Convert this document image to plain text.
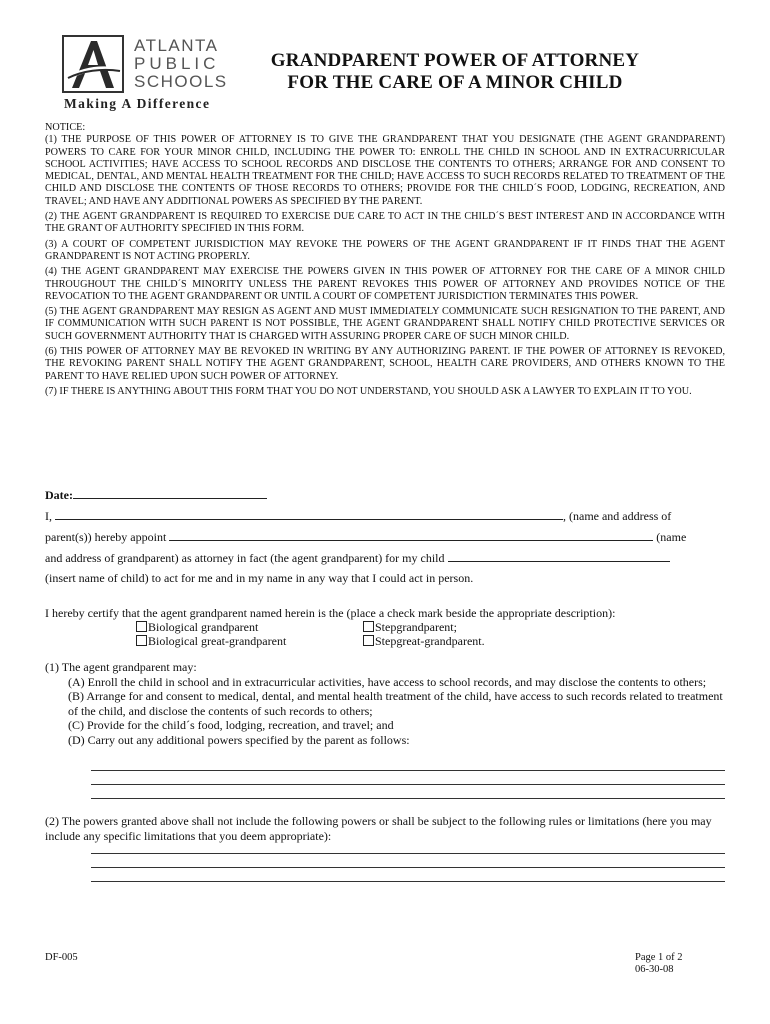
ATLANTA
PUBLIC
SCHOOLS
Making A Difference
GRANDPARENT POWER OF ATTORNEY
FOR THE CARE OF A MINOR CHILD

NOTICE:

(1) THE PURPOSE OF THIS POWER OF ATTORNEY IS TO GIVE THE GRANDPARENT THAT YOU DESIGNATE (THE AGENT GRANDPARENT) POWERS TO CARE FOR YOUR MINOR CHILD, INCLUDING THE POWER TO: ENROLL THE CHILD IN SCHOOL AND IN EXTRACURRICULAR SCHOOL ACTIVITIES; HAVE ACCESS TO SCHOOL RECORDS AND DISCLOSE THE CONTENTS TO OTHERS; ARRANGE FOR AND CONSENT TO MEDICAL, DENTAL, AND MENTAL HEALTH TREATMENT FOR THE CHILD; HAVE ACCESS TO SUCH RECORDS RELATED TO TREATMENT OF THE CHILD AND DISCLOSE THE CONTENTS OF THOSE RECORDS TO OTHERS; PROVIDE FOR THE CHILD´S FOOD, LODGING, RECREATION, AND TRAVEL; AND HAVE ANY ADDITIONAL POWERS AS SPECIFIED BY THE PARENT.

(2) THE AGENT GRANDPARENT IS REQUIRED TO EXERCISE DUE CARE TO ACT IN THE CHILD´S BEST INTEREST AND IN ACCORDANCE WITH THE GRANT OF AUTHORITY SPECIFIED IN THIS FORM.

(3) A COURT OF COMPETENT JURISDICTION MAY REVOKE THE POWERS OF THE AGENT GRANDPARENT IF IT FINDS THAT THE AGENT GRANDPARENT IS NOT ACTING PROPERLY.

(4) THE AGENT GRANDPARENT MAY EXERCISE THE POWERS GIVEN IN THIS POWER OF ATTORNEY FOR THE CARE OF A MINOR CHILD THROUGHOUT THE CHILD´S MINORITY UNLESS THE PARENT REVOKES THIS POWER OF ATTORNEY AND PROVIDES NOTICE OF THE REVOCATION TO THE AGENT GRANDPARENT OR UNTIL A COURT OF COMPETENT JURISDICTION TERMINATES THIS POWER.

(5) THE AGENT GRANDPARENT MAY RESIGN AS AGENT AND MUST IMMEDIATELY COMMUNICATE SUCH RESIGNATION TO THE PARENT, AND IF COMMUNICATION WITH SUCH PARENT IS NOT POSSIBLE, THE AGENT GRANDPARENT SHALL NOTIFY CHILD PROTECTIVE SERVICES OR SUCH GOVERNMENT AUTHORITY THAT IS CHARGED WITH ASSURING PROPER CARE OF SUCH MINOR CHILD.

(6) THIS POWER OF ATTORNEY MAY BE REVOKED IN WRITING BY ANY AUTHORIZING PARENT. IF THE POWER OF ATTORNEY IS REVOKED, THE REVOKING PARENT SHALL NOTIFY THE AGENT GRANDPARENT, SCHOOL, HEALTH CARE PROVIDERS, AND OTHERS KNOWN TO THE PARENT TO HAVE RELIED UPON SUCH POWER OF ATTORNEY.

(7) IF THERE IS ANYTHING ABOUT THIS FORM THAT YOU DO NOT UNDERSTAND, YOU SHOULD ASK A LAWYER TO EXPLAIN IT TO YOU.

Date:
I,	, (name and address of
parent(s)) hereby appoint	(name
and address of grandparent) as attorney in fact (the agent grandparent) for my child
(insert name of child) to act for me and in my name in any way that I could act in person.
I hereby certify that the agent grandparent named herein is the (place a check mark beside the appropriate description):
Biological grandparent	Stepgrandparent;
Biological great-grandparent	Stepgreat-grandparent.

(1) The agent grandparent may:

(A) Enroll the child in school and in extracurricular activities, have access to school records, and may disclose the contents to others;

(B) Arrange for and consent to medical, dental, and mental health treatment of the child, have access to such records related to treatment of the child, and disclose the contents of such records to others;

(C) Provide for the child´s food, lodging, recreation, and travel; and

(D) Carry out any additional powers specified by the parent as follows:

(2) The powers granted above shall not include the following powers or shall be subject to the following rules or limitations (here you may include any specific limitations that you deem appropriate):

DF-005	Page 1 of 2
06-30-08
